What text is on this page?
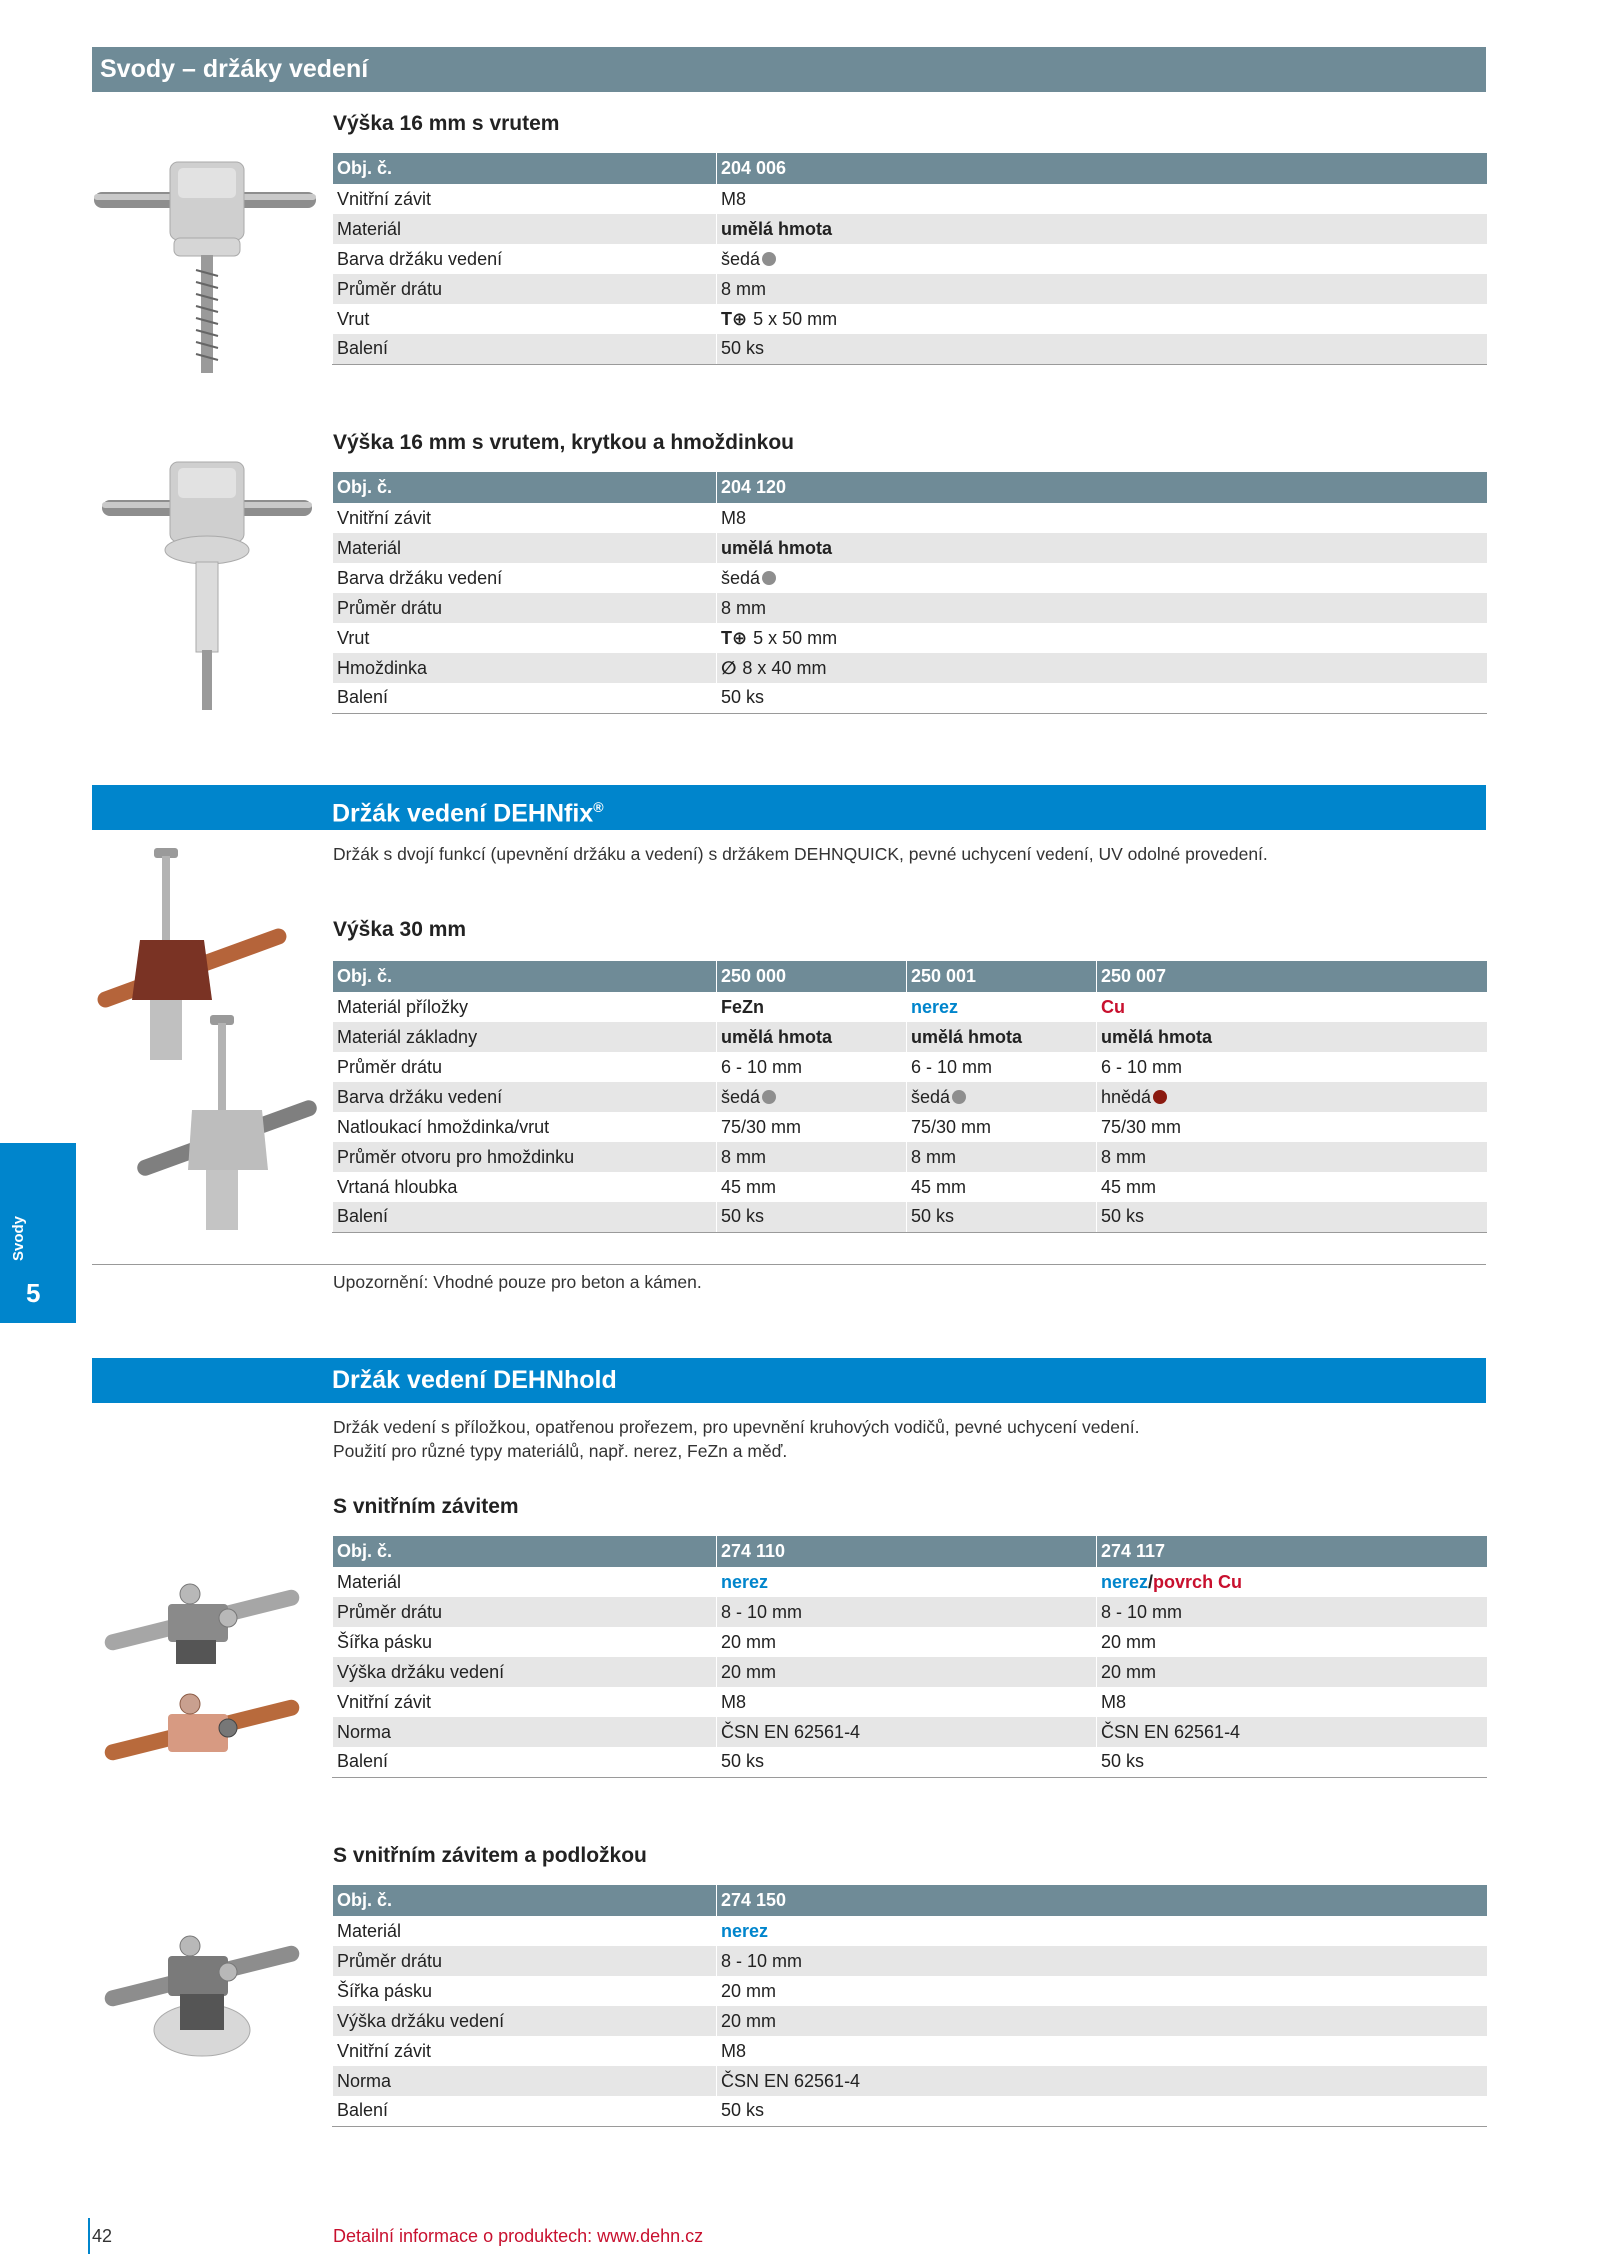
Svody – držáky vedení
Výška 16 mm s vrutem
Obj. č.	204 006
Vnitřní závit	M8
Materiál	umělá hmota
Barva držáku vedení	šedá
Průměr drátu	8 mm
Vrut	T⊕ 5 x 50 mm
Balení	50 ks
Výška 16 mm s vrutem, krytkou a hmoždinkou
Obj. č.	204 120
Vnitřní závit	M8
Materiál	umělá hmota
Barva držáku vedení	šedá
Průměr drátu	8 mm
Vrut	T⊕ 5 x 50 mm
Hmoždinka	∅ 8 x 40 mm
Balení	50 ks
Držák vedení DEHNfix®
Držák s dvojí funkcí (upevnění držáku a vedení) s držákem DEHNQUICK, pevné uchycení vedení, UV odolné provedení.
Výška 30 mm
Obj. č.	250 000	250 001	250 007
Materiál příložky	FeZn	nerez	Cu
Materiál základny	umělá hmota	umělá hmota	umělá hmota
Průměr drátu	6 - 10 mm	6 - 10 mm	6 - 10 mm
Barva držáku vedení	šedá	šedá	hnědá
Natloukací hmoždinka/vrut	75/30 mm	75/30 mm	75/30 mm
Průměr otvoru pro hmoždinku	8 mm	8 mm	8 mm
Vrtaná hloubka	45 mm	45 mm	45 mm
Balení	50 ks	50 ks	50 ks
Upozornění: Vhodné pouze pro beton a kámen.
Svody
5
Držák vedení DEHNhold
Držák vedení s příložkou, opatřenou prořezem, pro upevnění kruhových vodičů, pevné uchycení vedení.
Použití pro různé typy materiálů, např. nerez, FeZn a měď.
S vnitřním závitem
Obj. č.	274 110	274 117
Materiál	nerez	nerez/povrch Cu
Průměr drátu	8 - 10 mm	8 - 10 mm
Šířka pásku	20 mm	20 mm
Výška držáku vedení	20 mm	20 mm
Vnitřní závit	M8	M8
Norma	ČSN EN 62561-4	ČSN EN 62561-4
Balení	50 ks	50 ks
S vnitřním závitem a podložkou
Obj. č.	274 150
Materiál	nerez
Průměr drátu	8 - 10 mm
Šířka pásku	20 mm
Výška držáku vedení	20 mm
Vnitřní závit	M8
Norma	ČSN EN 62561-4
Balení	50 ks
42	Detailní informace o produktech: www.dehn.cz
